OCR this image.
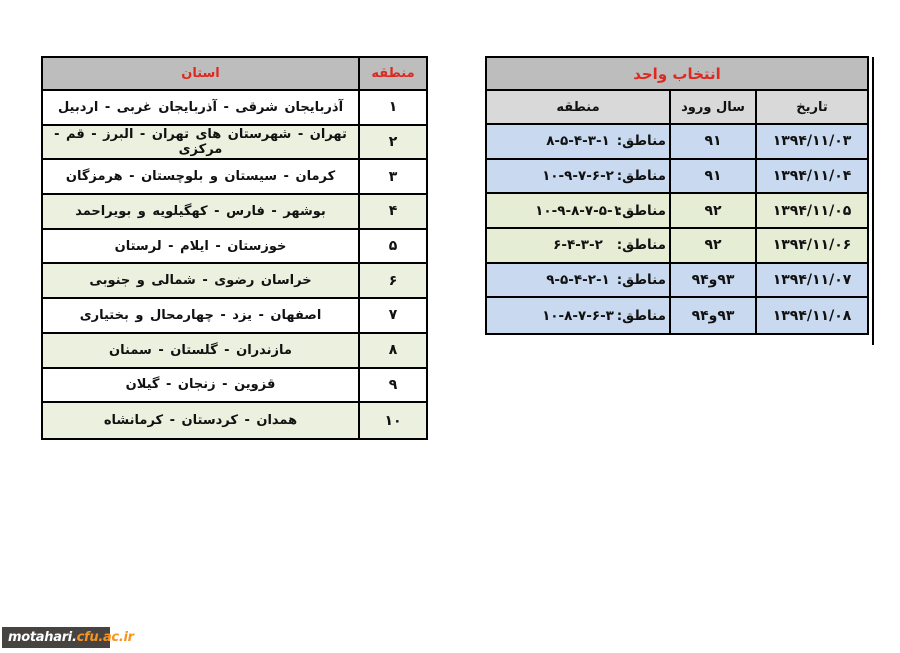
منطقه
استان
۱
آذربایجان شرقی - آذربایجان غربی - اردبیل
۲
تهران - شهرستان های تهران - البرز - قم - مرکزی
۳
کرمان - سیستان و بلوچستان - هرمزگان
۴
بوشهر - فارس - کهگیلویه و بویراحمد
۵
خوزستان - ایلام - لرستان
۶
خراسان رضوی - شمالی و جنوبی
۷
اصفهان - یزد - چهارمحال و بختیاری
۸
مازندران - گلستان - سمنان
۹
قزوین - زنجان - گیلان
۱۰
همدان - کردستان - کرمانشاه
انتخاب واحد
تاریخ
سال ورود
منطقه
۱۳۹۴/۱۱/۰۳
۹۱
مناطق:
۸-۵-۴-۳-۱
۱۳۹۴/۱۱/۰۴
۹۱
مناطق:
۱۰-۹-۷-۶-۲
۱۳۹۴/۱۱/۰۵
۹۲
مناطق:
۱۰-۹-۸-۷-۵-۱
۱۳۹۴/۱۱/۰۶
۹۲
مناطق:
۶-۴-۳-۲
۱۳۹۴/۱۱/۰۷
۹۳و۹۴
مناطق:
۹-۵-۴-۲-۱
۱۳۹۴/۱۱/۰۸
۹۳و۹۴
مناطق:
۱۰-۸-۷-۶-۳
motahari. cfu.ac.ir
